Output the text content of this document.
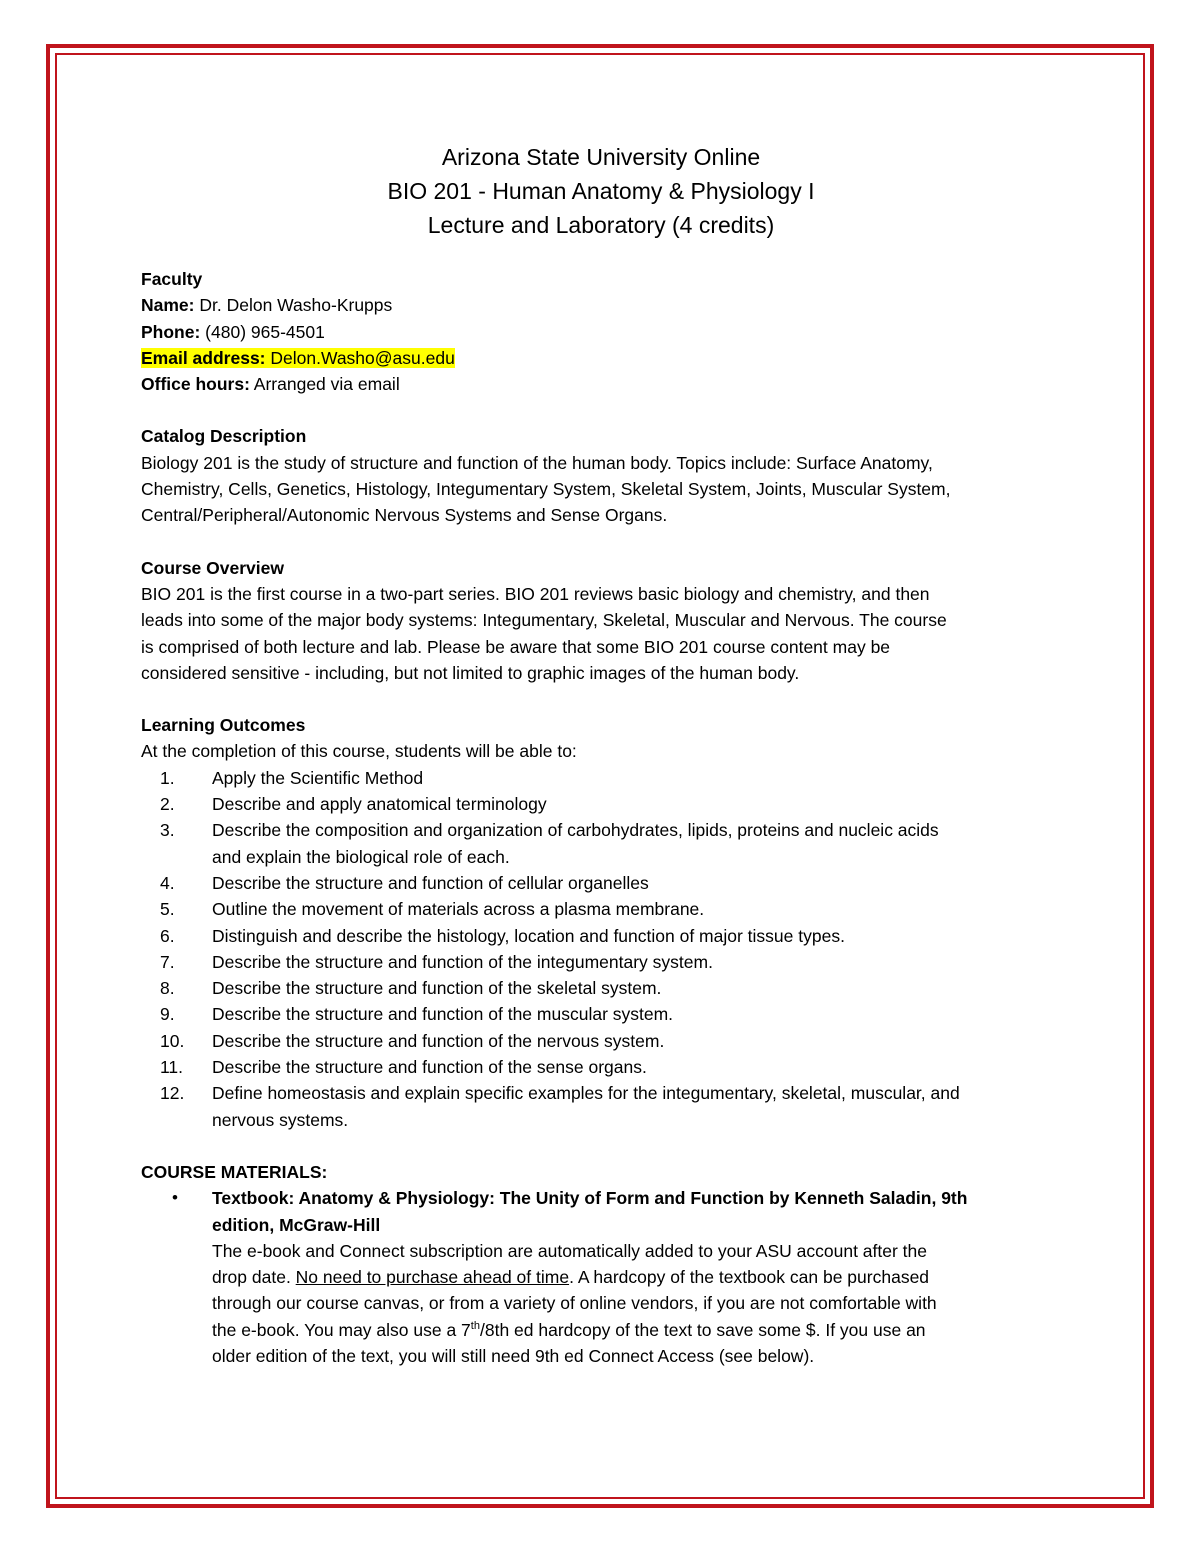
Arizona State University Online
BIO 201 - Human Anatomy & Physiology I
Lecture and Laboratory (4 credits)
Faculty
Name: Dr. Delon Washo-Krupps
Phone: (480) 965-4501
Email address: Delon.Washo@asu.edu
Office hours: Arranged via email
Catalog Description
Biology 201 is the study of structure and function of the human body. Topics include: Surface Anatomy,
Chemistry, Cells, Genetics, Histology, Integumentary System, Skeletal System, Joints, Muscular System,
Central/Peripheral/Autonomic Nervous Systems and Sense Organs.
Course Overview
BIO 201 is the first course in a two-part series. BIO 201 reviews basic biology and chemistry, and then
leads into some of the major body systems: Integumentary, Skeletal, Muscular and Nervous. The course
is comprised of both lecture and lab. Please be aware that some BIO 201 course content may be
considered sensitive - including, but not limited to graphic images of the human body.
Learning Outcomes
At the completion of this course, students will be able to:
1.	Apply the Scientific Method
2.	Describe and apply anatomical terminology
3.	Describe the composition and organization of carbohydrates, lipids, proteins and nucleic acids
and explain the biological role of each.
4.	Describe the structure and function of cellular organelles
5.	Outline the movement of materials across a plasma membrane.
6.	Distinguish and describe the histology, location and function of major tissue types.
7.	Describe the structure and function of the integumentary system.
8.	Describe the structure and function of the skeletal system.
9.	Describe the structure and function of the muscular system.
10.	Describe the structure and function of the nervous system.
11.	Describe the structure and function of the sense organs.
12.	Define homeostasis and explain specific examples for the integumentary, skeletal, muscular, and
nervous systems.
COURSE MATERIALS:
• Textbook: Anatomy & Physiology: The Unity of Form and Function by Kenneth Saladin, 9th
edition, McGraw-Hill
The e-book and Connect subscription are automatically added to your ASU account after the
drop date. No need to purchase ahead of time. A hardcopy of the textbook can be purchased
through our course canvas, or from a variety of online vendors, if you are not comfortable with
the e-book. You may also use a 7th/8th ed hardcopy of the text to save some $. If you use an
older edition of the text, you will still need 9th ed Connect Access (see below).
